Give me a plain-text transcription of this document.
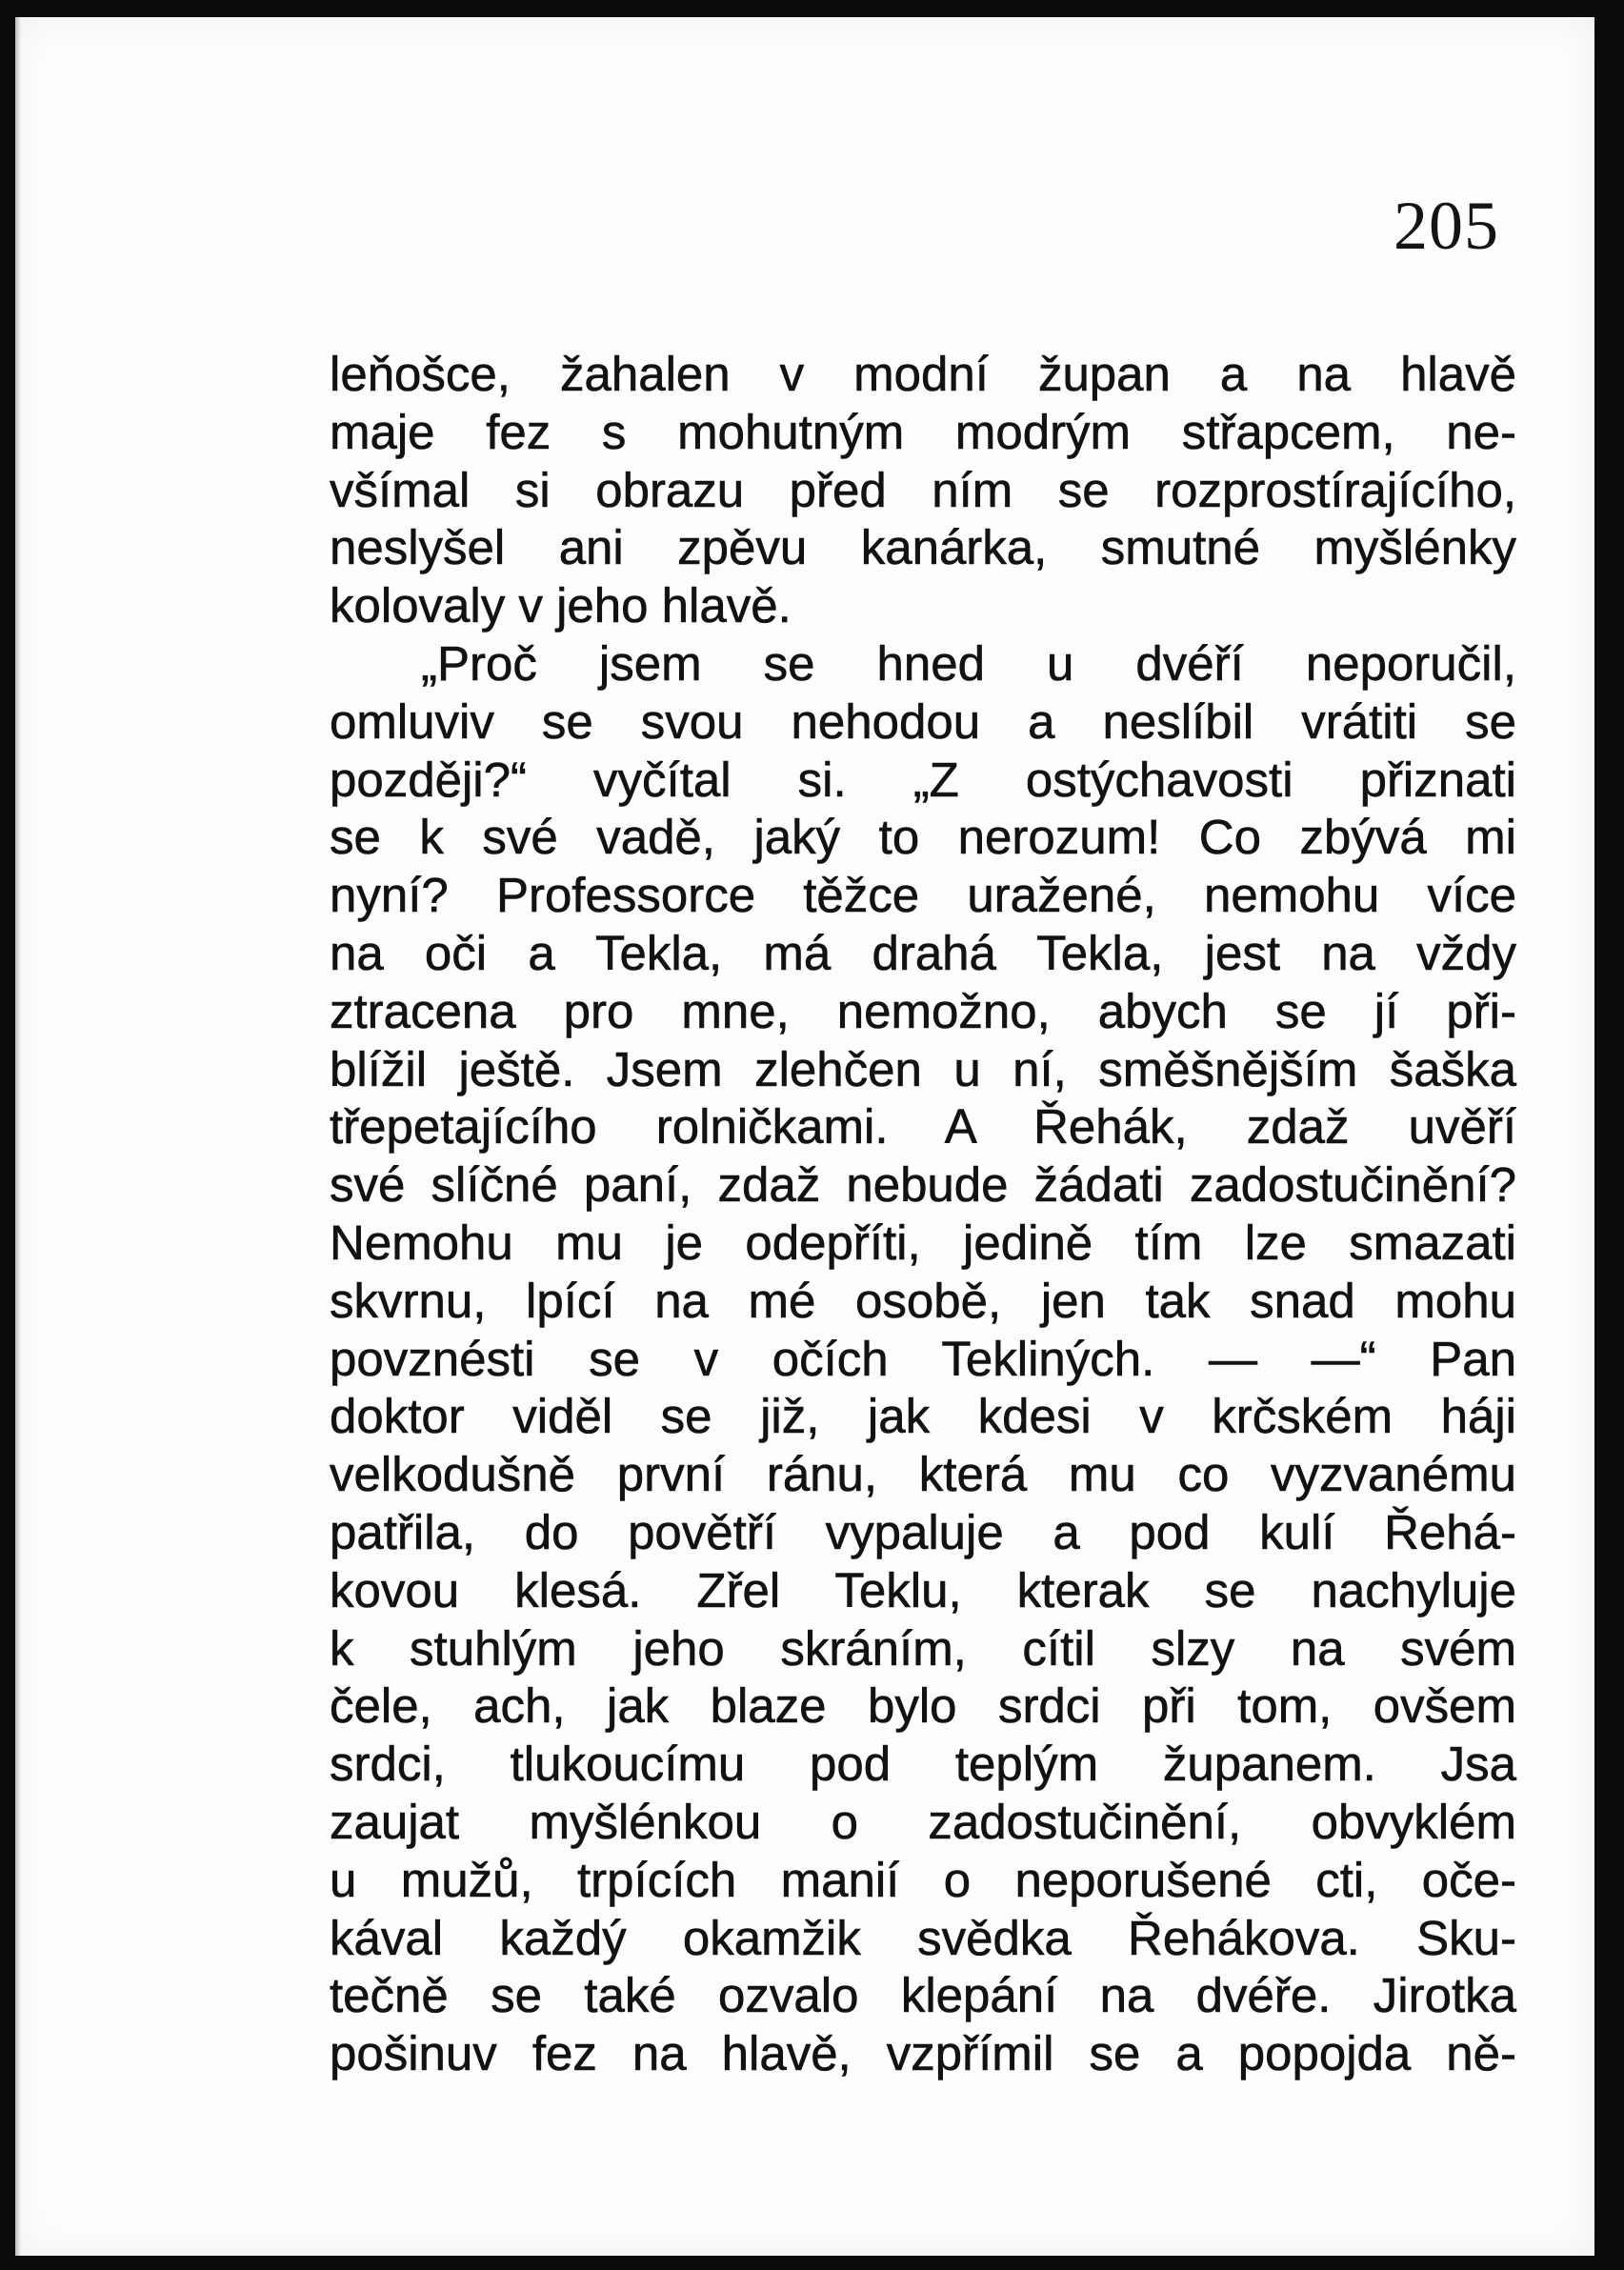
205
leňošce, žahalen v modní župan a na hlavě
maje fez s mohutným modrým střapcem, ne-
všímal si obrazu před ním se rozprostírajícího,
neslyšel ani zpěvu kanárka, smutné myšlénky
kolovaly v jeho hlavě.
„Proč jsem se hned u dvéří neporučil,
omluviv se svou nehodou a neslíbil vrátiti se
později?“ vyčítal si. „Z ostýchavosti přiznati
se k své vadě, jaký to nerozum! Co zbývá mi
nyní? Professorce těžce uražené, nemohu více
na oči a Tekla, má drahá Tekla, jest na vždy
ztracena pro mne, nemožno, abych se jí při-
blížil ještě. Jsem zlehčen u ní, směšnějším šaška
třepetajícího rolničkami. A Řehák, zdaž uvěří
své slíčné paní, zdaž nebude žádati zadostučinění?
Nemohu mu je odepříti, jedině tím lze smazati
skvrnu, lpící na mé osobě, jen tak snad mohu
povznésti se v očích Tekliných. — —“ Pan
doktor viděl se již, jak kdesi v krčském háji
velkodušně první ránu, která mu co vyzvanému
patřila, do povětří vypaluje a pod kulí Řehá-
kovou klesá. Zřel Teklu, kterak se nachyluje
k stuhlým jeho skráním, cítil slzy na svém
čele, ach, jak blaze bylo srdci při tom, ovšem
srdci, tlukoucímu pod teplým županem. Jsa
zaujat myšlénkou o zadostučinění, obvyklém
u mužů, trpících manií o neporušené cti, oče-
kával každý okamžik svědka Řehákova. Sku-
tečně se také ozvalo klepání na dvéře. Jirotka
pošinuv fez na hlavě, vzpřímil se a popojda ně-
